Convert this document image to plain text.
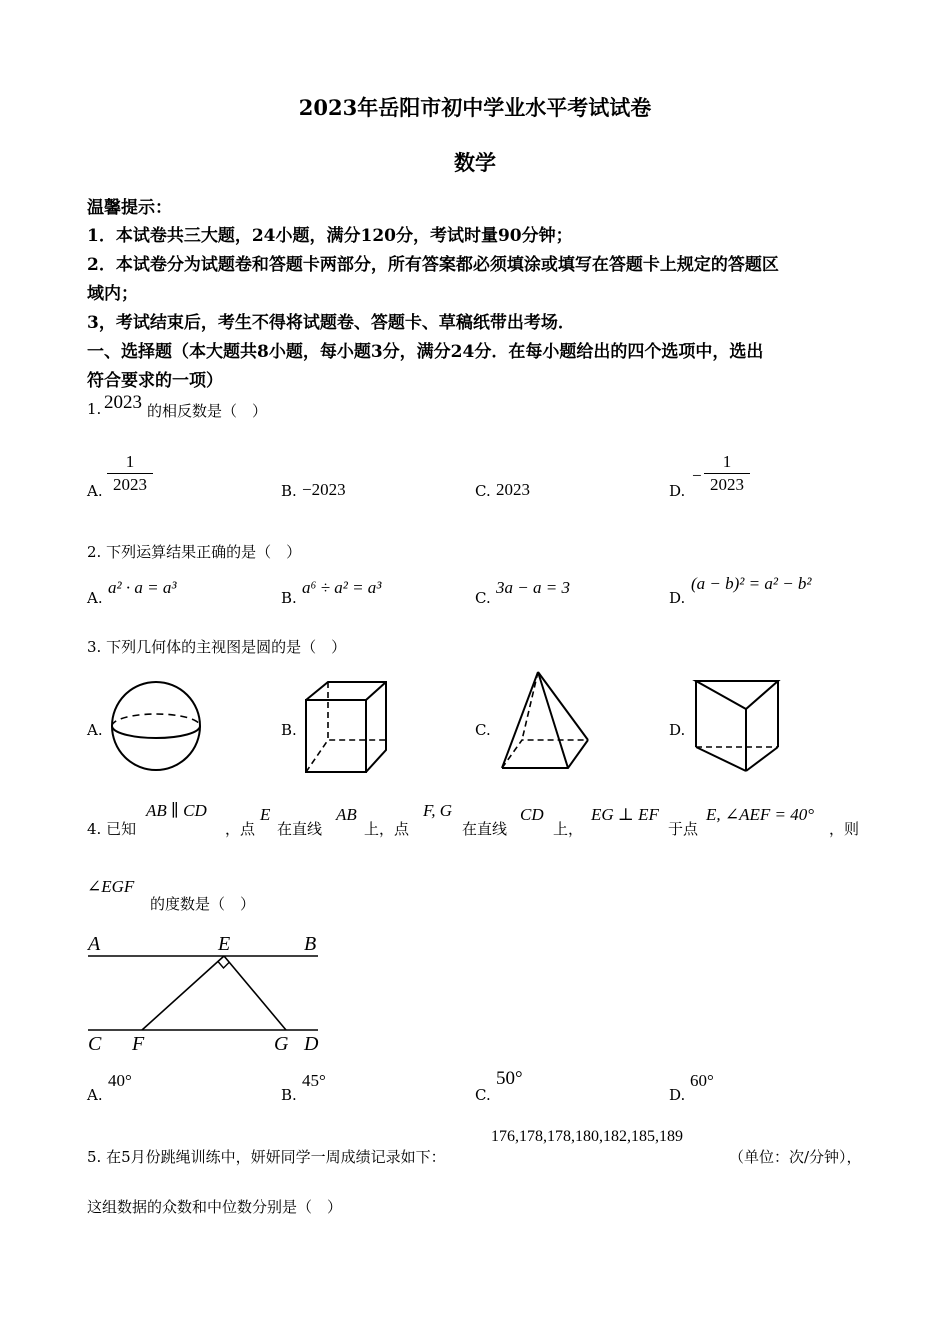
2023年岳阳市初中学业水平考试试卷
数学
温馨提示：
1．本试卷共三大题，24小题，满分120分，考试时量90分钟；
2．本试卷分为试题卷和答题卡两部分，所有答案都必须填涂或填写在答题卡上规定的答题区
域内；
3，考试结束后，考生不得将试题卷、答题卡、草稿纸带出考场．
一、选择题（本大题共8小题，每小题3分，满分24分．在每小题给出的四个选项中，选出
符合要求的一项）
1. 2023 的相反数是（　）
A.
1
2023	B. −2023	C. 2023	D.
−
1
2023
2. 下列运算结果正确的是（　）
A.
a² · a = a³
B.
a⁶ ÷ a² = a³
C.
3a − a = 3
D.
(a − b)² = a² − b²
3. 下列几何体的主视图是圆的是（　）
A.	B.	C.	D.
4. 已知
AB ∥ CD
，点
E
在直线
AB
上，点
F, G
在直线
CD
上，
EG ⊥ EF
于点
E, ∠AEF = 40°
，则
∠EGF
的度数是（　）
A	E	B
C F	G D
A.
40°
B.
45°
C.
50°
D.
60°
5. 在5月份跳绳训练中，妍妍同学一周成绩记录如下：
176,178,178,180,182,185,189
（单位：次/分钟），
这组数据的众数和中位数分别是（　）
